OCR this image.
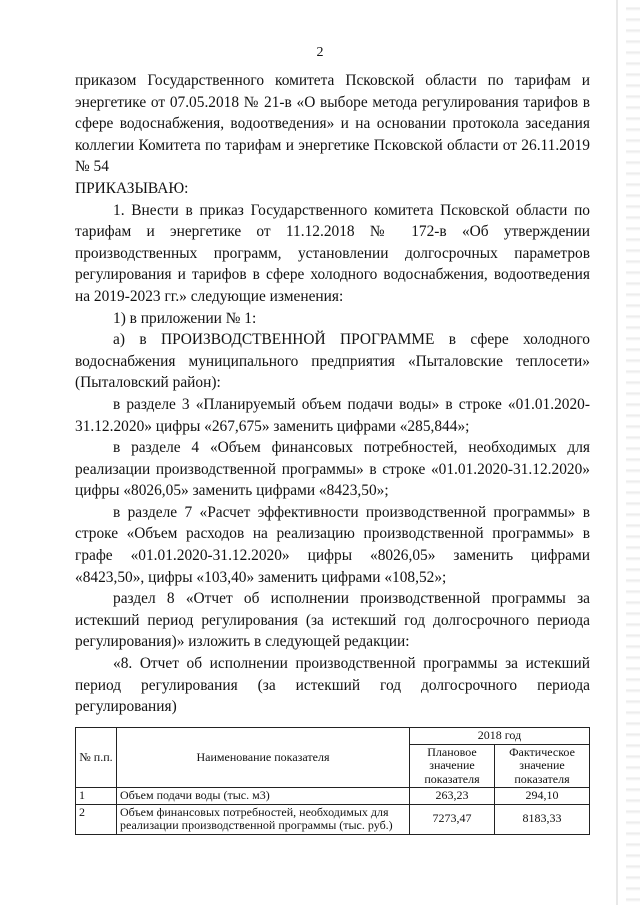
2

приказом Государственного комитета Псковской области по тарифам и энергетике от 07.05.2018 № 21-в «О выборе метода регулирования тарифов в сфере водоснабжения, водоотведения» и на основании протокола заседания коллегии Комитета по тарифам и энергетике Псковской области от 26.11.2019 № 54

ПРИКАЗЫВАЮ:

1. Внести в приказ Государственного комитета Псковской области по тарифам и энергетике от 11.12.2018 № 172-в «Об утверждении производственных программ, установлении долгосрочных параметров регулирования и тарифов в сфере холодного водоснабжения, водоотведения на 2019-2023 гг.» следующие изменения:

1) в приложении № 1:

а) в ПРОИЗВОДСТВЕННОЙ ПРОГРАММЕ в сфере холодного водоснабжения муниципального предприятия «Пыталовские теплосети» (Пыталовский район):

в разделе 3 «Планируемый объем подачи воды» в строке «01.01.2020-31.12.2020» цифры «267,675» заменить цифрами «285,844»;

в разделе 4 «Объем финансовых потребностей, необходимых для реализации производственной программы» в строке «01.01.2020-31.12.2020» цифры «8026,05» заменить цифрами «8423,50»;

в разделе 7 «Расчет эффективности производственной программы» в строке «Объем расходов на реализацию производственной программы» в графе «01.01.2020-31.12.2020» цифры «8026,05» заменить цифрами «8423,50», цифры «103,40» заменить цифрами «108,52»;

раздел 8 «Отчет об исполнении производственной программы за истекший период регулирования (за истекший год долгосрочного периода регулирования)» изложить в следующей редакции:

«8. Отчет об исполнении производственной программы за истекший период регулирования (за истекший год долгосрочного периода регулирования)

№ п.п.	Наименование показателя	2018 год	
		Плановое значение показателя	Фактическое значение показателя
1	Объем подачи воды (тыс. м3)	263,23	294,10
2	Объем финансовых потребностей, необходимых для реализации производственной программы (тыс. руб.)	7273,47	8183,33
